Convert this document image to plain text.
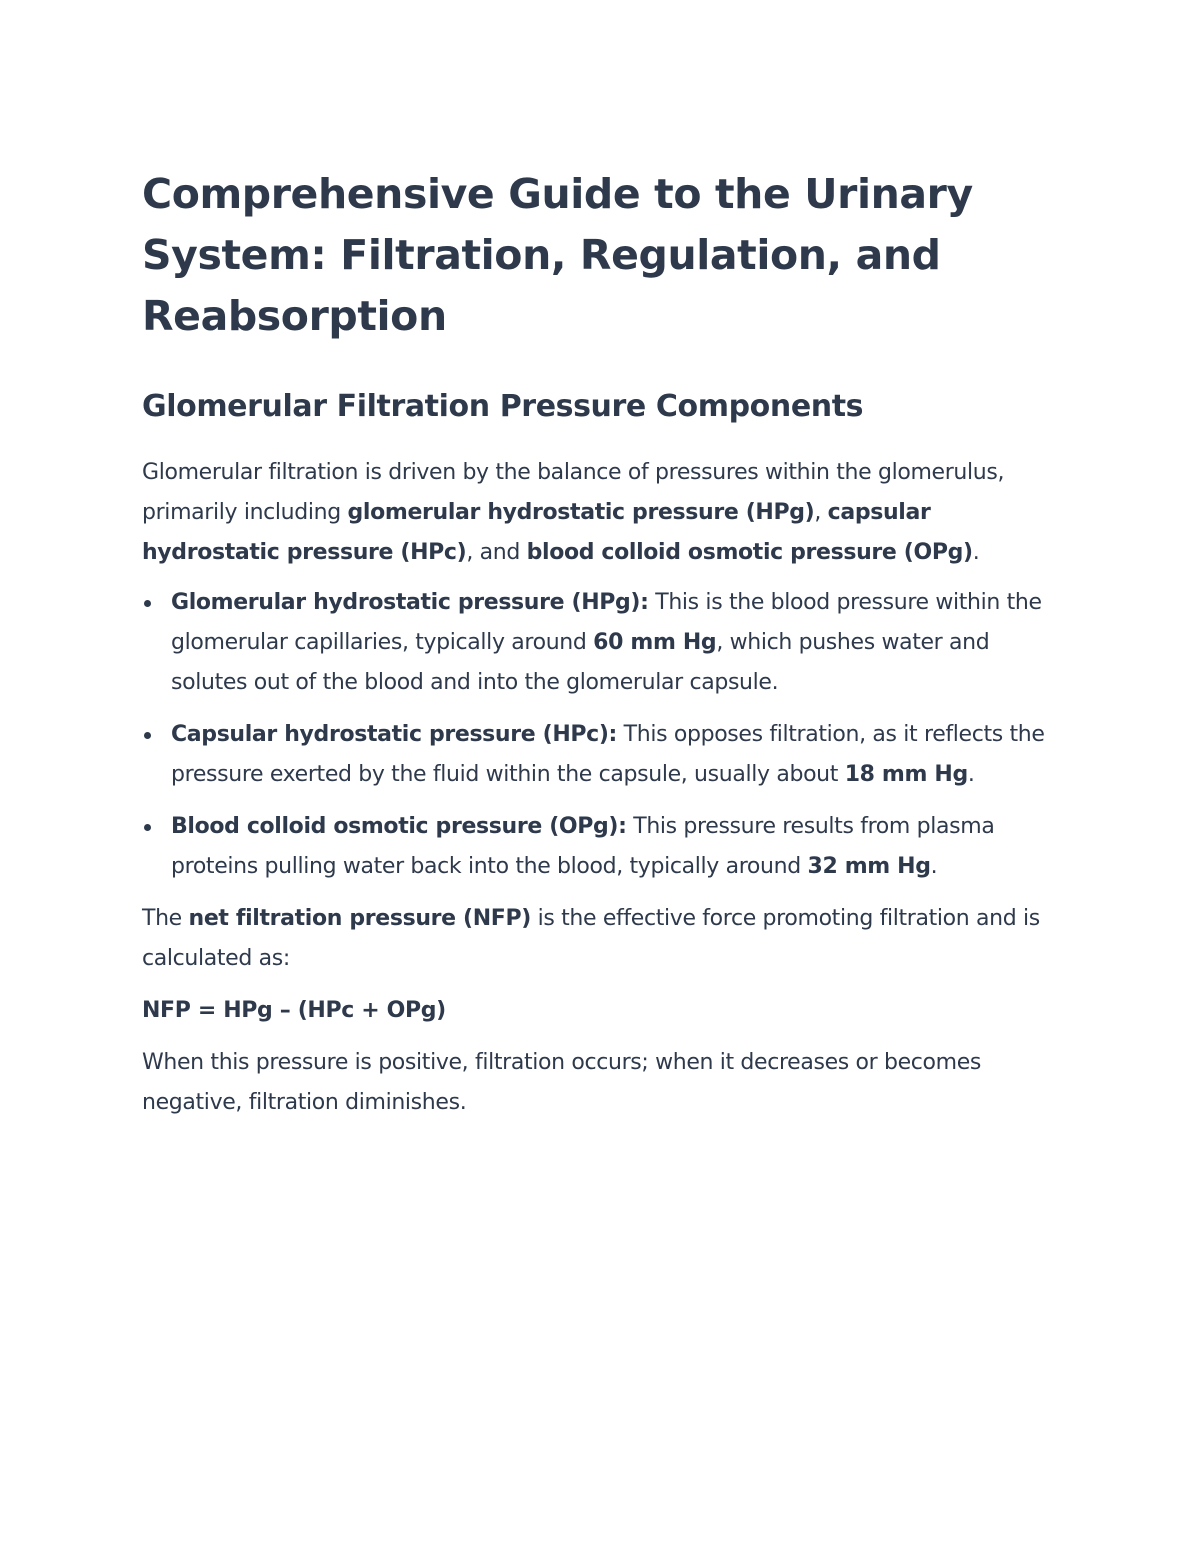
Comprehensive Guide to the Urinary System: Filtration, Regulation, and Reabsorption
Glomerular Filtration Pressure Components

Glomerular filtration is driven by the balance of pressures within the glomerulus, primarily including glomerular hydrostatic pressure (HPg), capsular hydrostatic pressure (HPc), and blood colloid osmotic pressure (OPg).

Glomerular hydrostatic pressure (HPg): This is the blood pressure within the glomerular capillaries, typically around 60 mm Hg, which pushes water and solutes out of the blood and into the glomerular capsule.
Capsular hydrostatic pressure (HPc): This opposes filtration, as it reflects the pressure exerted by the fluid within the capsule, usually about 18 mm Hg.
Blood colloid osmotic pressure (OPg): This pressure results from plasma proteins pulling water back into the blood, typically around 32 mm Hg.

The net filtration pressure (NFP) is the effective force promoting filtration and is calculated as:

NFP = HPg – (HPc + OPg)

When this pressure is positive, filtration occurs; when it decreases or becomes negative, filtration diminishes.
